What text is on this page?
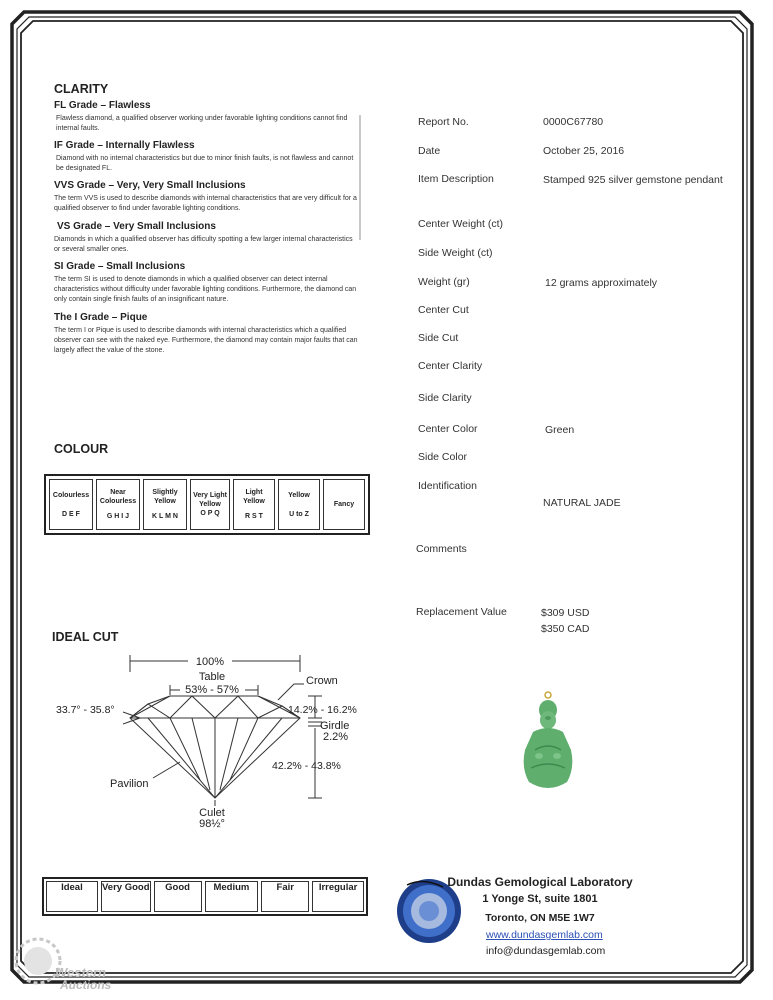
CLARITY
FL Grade – Flawless
Flawless diamond, a qualified observer working under favorable lighting conditions cannot find internal faults.
IF Grade – Internally Flawless
Diamond with no internal characteristics but due to minor finish faults, is not flawless and cannot be designated FL.
VVS Grade – Very, Very Small Inclusions
The term VVS is used to describe diamonds with internal characteristics that are very difficult for a qualified observer to find under favorable lighting conditions.
VS Grade – Very Small Inclusions
Diamonds in which a qualified observer has difficulty spotting a few larger internal characteristics or several smaller ones.
SI Grade – Small Inclusions
The term SI is used to denote diamonds in which a qualified observer can detect internal characteristics without difficulty under favorable lighting conditions. Furthermore, the diamond can only contain single finish faults of an insignificant nature.
The I Grade – Pique
The term I or Pique is used to describe diamonds with internal characteristics which a qualified observer can see with the naked eye. Furthermore, the diamond may contain major faults that can largely affect the value of the stone.
COLOUR
Colourless
D E F

Near Colourless
G H I J

Slightly Yellow
K L M N

Very Light Yellow
O P Q

Light Yellow
R S T

Yellow
U to Z

Fancy
IDEAL CUT
100%
Table
53% - 57%
Crown
33.7° - 35.8°	14.2% - 16.2%
Girdle
2.2%
42.2% - 43.8%
Pavilion
Culet
98½°
Ideal	Very Good	Good	Medium	Fair	Irregular
Report No.	0000C67780
Date	October 25, 2016
Item Description	Stamped 925 silver gemstone pendant
Center Weight (ct)
Side Weight (ct)
Weight (gr)	12 grams approximately
Center Cut
Side Cut
Center Clarity
Side Clarity
Center Color	Green
Side Color
Identification
NATURAL JADE
Comments
Replacement Value	$309 USD
$350 CAD
Dundas Gemological Laboratory
1 Yonge St, suite 1801
Toronto, ON M5E 1W7
www.dundasgemlab.com
info@dundasgemlab.com
Western
Auctions
